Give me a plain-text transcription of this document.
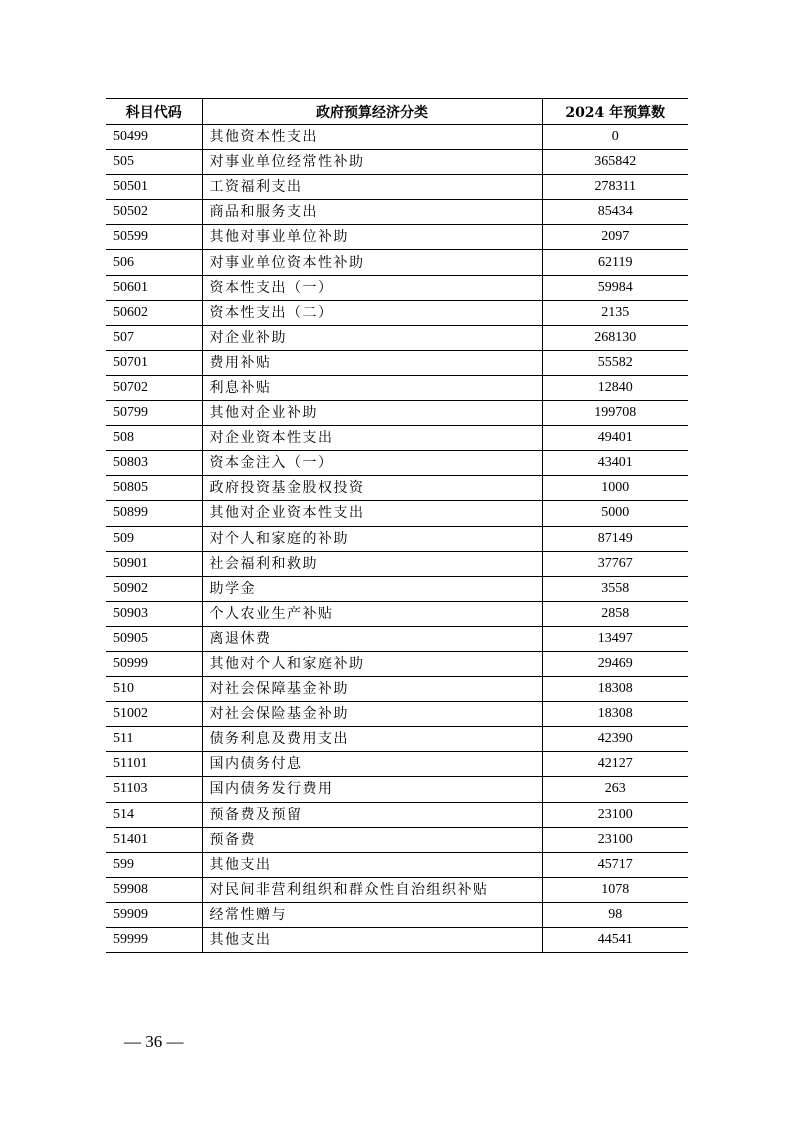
科目代码	政府预算经济分类	2024 年预算数
50499	其他资本性支出	0
505	对事业单位经常性补助	365842
50501	工资福利支出	278311
50502	商品和服务支出	85434
50599	其他对事业单位补助	2097
506	对事业单位资本性补助	62119
50601	资本性支出（一）	59984
50602	资本性支出（二）	2135
507	对企业补助	268130
50701	费用补贴	55582
50702	利息补贴	12840
50799	其他对企业补助	199708
508	对企业资本性支出	49401
50803	资本金注入（一）	43401
50805	政府投资基金股权投资	1000
50899	其他对企业资本性支出	5000
509	对个人和家庭的补助	87149
50901	社会福利和救助	37767
50902	助学金	3558
50903	个人农业生产补贴	2858
50905	离退休费	13497
50999	其他对个人和家庭补助	29469
510	对社会保障基金补助	18308
51002	对社会保险基金补助	18308
511	债务利息及费用支出	42390
51101	国内债务付息	42127
51103	国内债务发行费用	263
514	预备费及预留	23100
51401	预备费	23100
599	其他支出	45717
59908	对民间非营利组织和群众性自治组织补贴	1078
59909	经常性赠与	98
59999	其他支出	44541
— 36 —
